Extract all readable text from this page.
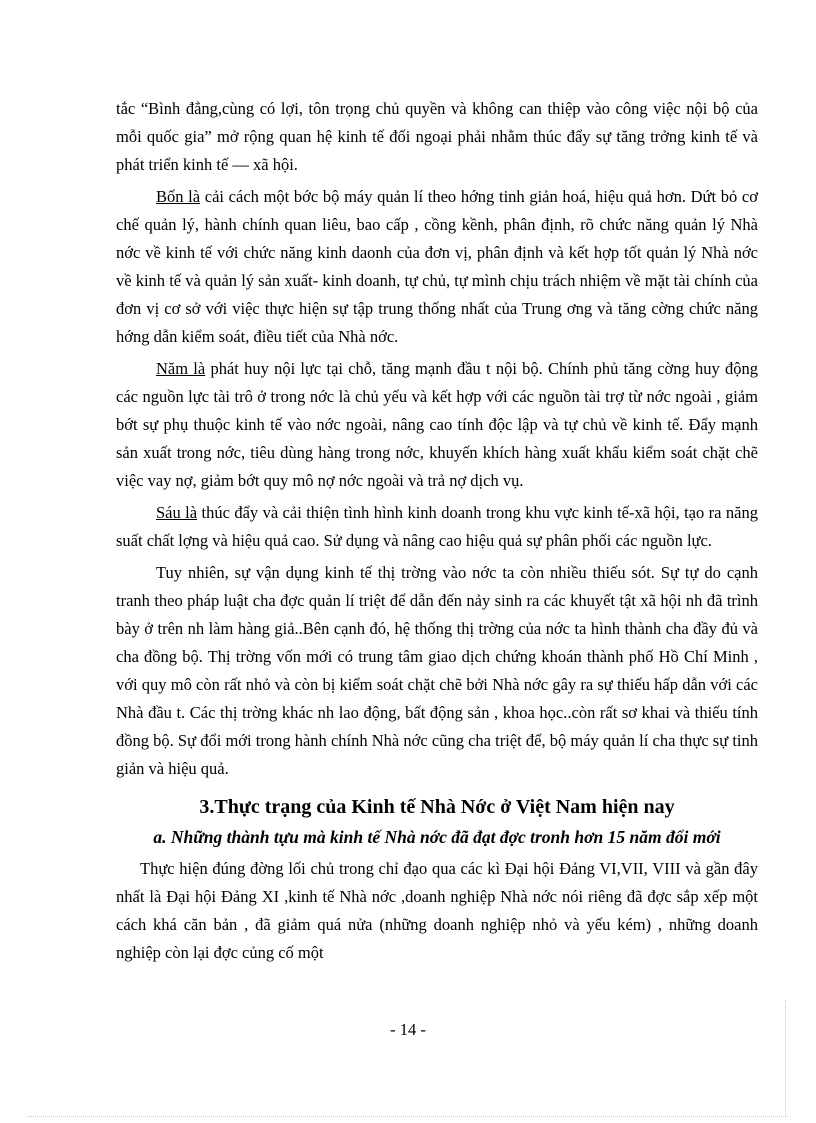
tắc “Bình đẳng,cùng có lợi, tôn trọng chủ quyền và không can thiệp vào công việc nội bộ của mỗi quốc gia” mở rộng quan hệ kinh tế đối ngoại phải nhằm thúc đẩy sự tăng trởng kinh tế và phát triển kinh tế — xã hội.

Bốn là cải cách một bớc bộ máy quản lí theo hớng tinh giản hoá, hiệu quả hơn. Dứt bỏ cơ chế quản lý, hành chính quan liêu, bao cấp , cồng kềnh, phân định, rõ chức năng quản lý Nhà nớc về kinh tế với chức năng kinh daonh của đơn vị, phân định và kết hợp tốt quản lý Nhà nớc về kinh tế và quản lý sản xuất- kinh doanh, tự chủ, tự mình chịu trách nhiệm về mặt tài chính của đơn vị cơ sở với việc thực hiện sự tập trung thống nhất của Trung ơng và tăng cờng chức năng hớng dẫn kiểm soát, điều tiết của Nhà nớc.

Năm là phát huy nội lực tại chỗ, tăng mạnh đầu t nội bộ. Chính phủ tăng cờng huy động các nguồn lực tài trô ở trong nớc là chủ yếu và kết hợp với các nguồn tài trợ từ nớc ngoài , giảm bớt sự phụ thuộc kinh tế vào nớc ngoài, nâng cao tính độc lập và tự chủ về kinh tế. Đẩy mạnh sản xuất trong nớc, tiêu dùng hàng trong nớc, khuyến khích hàng xuất khẩu kiểm soát chặt chẽ việc vay nợ, giảm bớt quy mô nợ nớc ngoài và trả nợ dịch vụ.

Sáu là thúc đẩy và cải thiện tình hình kinh doanh trong khu vực kinh tế-xã hội, tạo ra năng suất chất lợng và hiệu quả cao. Sử dụng và nâng cao hiệu quả sự phân phối các nguồn lực.

Tuy nhiên, sự vận dụng kinh tế thị trờng vào nớc ta còn nhiều thiếu sót. Sự tự do cạnh tranh theo pháp luật cha đợc quản lí triệt để dẫn đến nảy sinh ra các khuyết tật xã hội nh đã trình bày ở trên nh làm hàng giả..Bên cạnh đó, hệ thống thị trờng của nớc ta hình thành cha đầy đủ và cha đồng bộ. Thị trờng vốn mới có trung tâm giao dịch chứng khoán thành phố Hồ Chí Minh , với quy mô còn rất nhỏ và còn bị kiểm soát chặt chẽ bởi Nhà nớc gây ra sự thiếu hấp dẫn với các Nhà đầu t. Các thị trờng khác nh lao động, bất động sản , khoa học..còn rất sơ khai và thiếu tính đồng bộ. Sự đổi mới trong hành chính Nhà nớc cũng cha triệt để, bộ máy quản lí cha thực sự tinh giản và hiệu quả.

3.Thực trạng của Kinh tế Nhà Nớc ở Việt Nam hiện nay
a. Những thành tựu mà kinh tế Nhà nớc đã đạt đợc tronh hơn 15 năm đổi mới

Thực hiện đúng đờng lối chủ trong chỉ đạo qua các kì Đại hội Đảng VI,VII, VIII và gần đây nhất là Đại hội Đảng XI ,kinh tế Nhà nớc ,doanh nghiệp Nhà nớc nói riêng đã đợc sắp xếp một cách khá căn bản , đã giảm quá nửa (những doanh nghiệp nhỏ và yếu kém) , những doanh nghiệp còn lại đợc củng cố một

- 14 -
